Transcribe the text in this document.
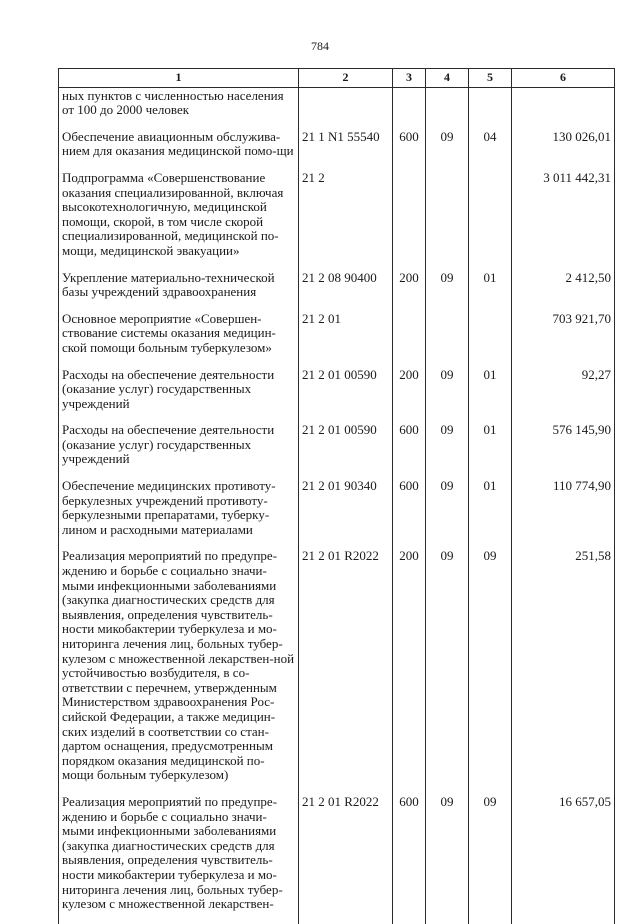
784
1	2	3	4	5	6
ных пунктов с численностью населения от 100 до 2000 человек					
Обеспечение авиационным обслужива-нием для оказания медицинской помо-щи	21 1 N1 55540	600	09	04	130 026,01
Подпрограмма «Совершенствование оказания специализированной, включая высокотехнологичную, медицинской помощи, скорой, в том числе скорой специализированной, медицинской по-мощи, медицинской эвакуации»	21 2				3 011 442,31
Укрепление материально-технической базы учреждений здравоохранения	21 2 08 90400	200	09	01	2 412,50
Основное мероприятие «Совершен-ствование системы оказания медицин-ской помощи больным туберкулезом»	21 2 01				703 921,70
Расходы на обеспечение деятельности (оказание услуг) государственных учреждений	21 2 01 00590	200	09	01	92,27
Расходы на обеспечение деятельности (оказание услуг) государственных учреждений	21 2 01 00590	600	09	01	576 145,90
Обеспечение медицинских противоту-беркулезных учреждений противоту-беркулезными препаратами, туберку-лином и расходными материалами	21 2 01 90340	600	09	01	110 774,90
Реализация мероприятий по предупре-ждению и борьбе с социально значи-мыми инфекционными заболеваниями (закупка диагностических средств для выявления, определения чувствитель-ности микобактерии туберкулеза и мо-ниторинга лечения лиц, больных тубер-кулезом с множественной лекарствен-ной устойчивостью возбудителя, в со-ответствии с перечнем, утвержденным Министерством здравоохранения Рос-сийской Федерации, а также медицин-ских изделий в соответствии со стан-дартом оснащения, предусмотренным порядком оказания медицинской по-мощи больным туберкулезом)	21 2 01 R2022	200	09	09	251,58
Реализация мероприятий по предупре-ждению и борьбе с социально значи-мыми инфекционными заболеваниями (закупка диагностических средств для выявления, определения чувствитель-ности микобактерии туберкулеза и мо-ниторинга лечения лиц, больных тубер-кулезом с множественной лекарствен-	21 2 01 R2022	600	09	09	16 657,05
